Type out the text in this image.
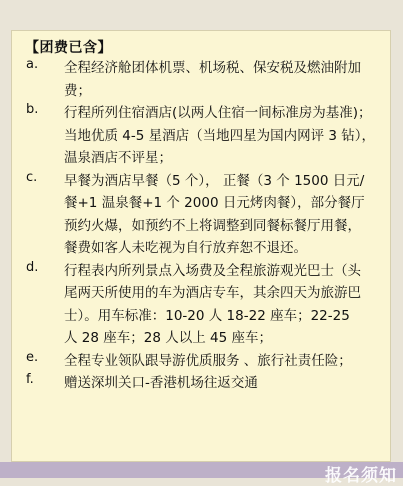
【团费已含】
a. 全程经济舱团体机票、机场税、保安税及燃油附加
费；
b. 行程所列住宿酒店(以两人住宿一间标准房为基准)；
当地优质 4-5 星酒店（当地四星为国内网评 3 钻），
温泉酒店不评星；
c. 早餐为酒店早餐（5 个）， 正餐（3 个 1500 日元/
餐+1 温泉餐+1 个 2000 日元烤肉餐），部分餐厅
预约火爆，如预约不上将调整到同餐标餐厅用餐，
餐费如客人未吃视为自行放弃恕不退还。
d. 行程表内所列景点入场费及全程旅游观光巴士（头
尾两天所使用的车为酒店专车，其余四天为旅游巴
士）。用车标准：10-20 人 18-22 座车；22-25
人 28 座车；28 人以上 45 座车；
e. 全程专业领队跟导游优质服务 、旅行社责任险；
f. 赠送深圳关口-香港机场往返交通
报名须知
